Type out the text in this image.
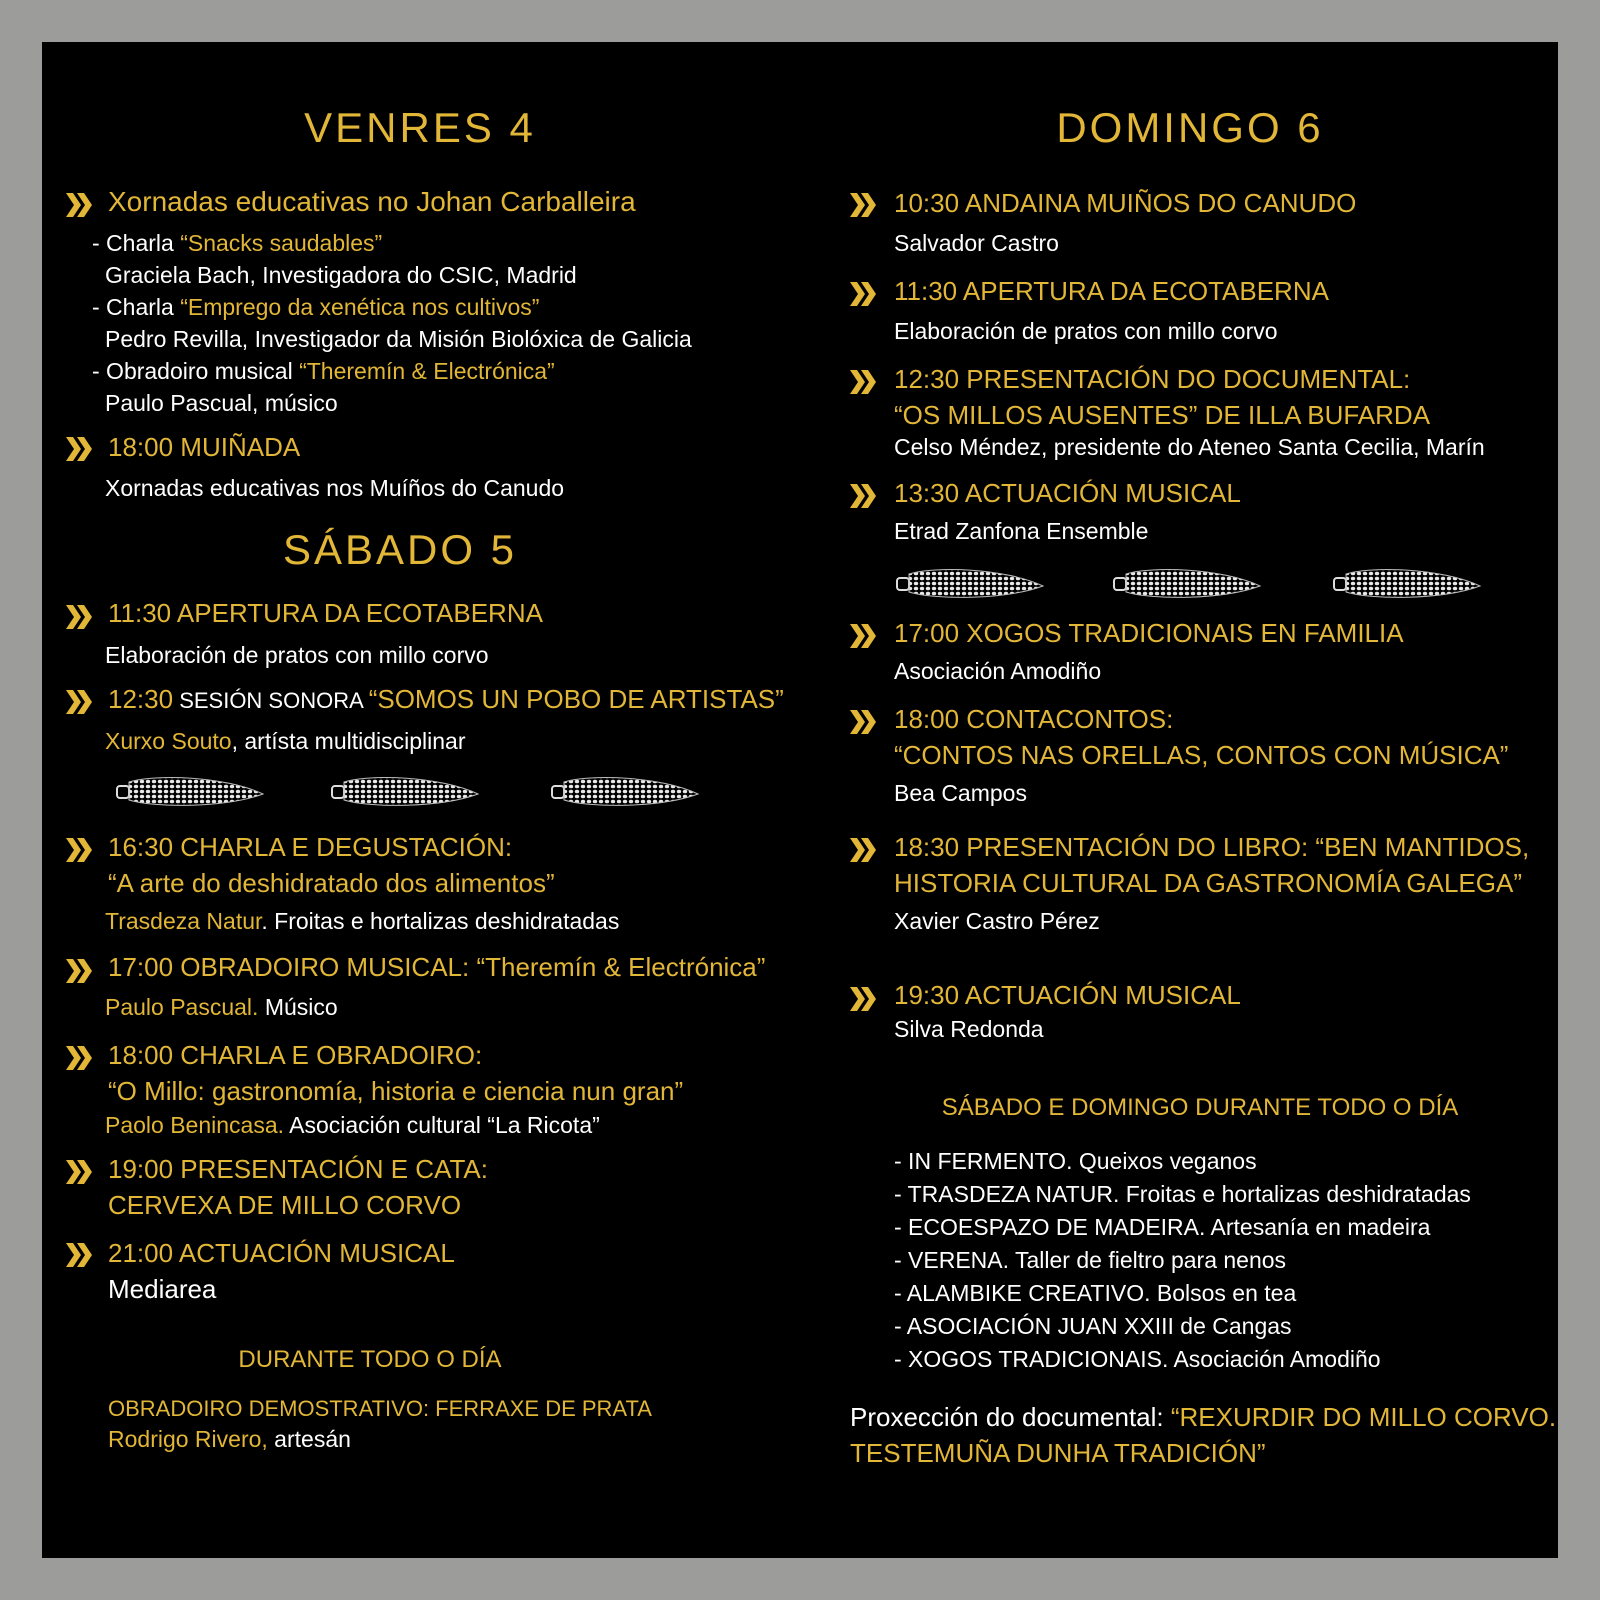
VENRES 4
Xornadas educativas no Johan Carballeira
- Charla “Snacks saudables”
Graciela Bach, Investigadora do CSIC, Madrid
- Charla “Emprego da xenética nos cultivos”
Pedro Revilla, Investigador da Misión Biolóxica de Galicia
- Obradoiro musical “Theremín & Electrónica”
Paulo Pascual, músico
18:00 MUIÑADA
Xornadas educativas nos Muíños do Canudo
SÁBADO 5
11:30 APERTURA DA ECOTABERNA
Elaboración de pratos con millo corvo
12:30 SESIÓN SONORA “SOMOS UN POBO DE ARTISTAS”
Xurxo Souto, artísta multidisciplinar
16:30 CHARLA E DEGUSTACIÓN:
“A arte do deshidratado dos alimentos”
Trasdeza Natur. Froitas e hortalizas deshidratadas
17:00 OBRADOIRO MUSICAL: “Theremín & Electrónica”
Paulo Pascual. Músico
18:00 CHARLA E OBRADOIRO:
“O Millo: gastronomía, historia e ciencia nun gran”
Paolo Benincasa. Asociación cultural “La Ricota”
19:00 PRESENTACIÓN E CATA:
CERVEXA DE MILLO CORVO
21:00 ACTUACIÓN MUSICAL
Mediarea
DURANTE TODO O DÍA
OBRADOIRO DEMOSTRATIVO: FERRAXE DE PRATA
Rodrigo Rivero, artesán
DOMINGO 6
10:30 ANDAINA MUIÑOS DO CANUDO
Salvador Castro
11:30 APERTURA DA ECOTABERNA
Elaboración de pratos con millo corvo
12:30 PRESENTACIÓN DO DOCUMENTAL:
“OS MILLOS AUSENTES” DE ILLA BUFARDA
Celso Méndez, presidente do Ateneo Santa Cecilia, Marín
13:30 ACTUACIÓN MUSICAL
Etrad Zanfona Ensemble
17:00 XOGOS TRADICIONAIS EN FAMILIA
Asociación Amodiño
18:00 CONTACONTOS:
“CONTOS NAS ORELLAS, CONTOS CON MÚSICA”
Bea Campos
18:30 PRESENTACIÓN DO LIBRO: “BEN MANTIDOS,
HISTORIA CULTURAL DA GASTRONOMÍA GALEGA”
Xavier Castro Pérez
19:30 ACTUACIÓN MUSICAL
Silva Redonda
SÁBADO E DOMINGO DURANTE TODO O DÍA
- IN FERMENTO. Queixos veganos
- TRASDEZA NATUR. Froitas e hortalizas deshidratadas
- ECOESPAZO DE MADEIRA. Artesanía en madeira
- VERENA. Taller de fieltro para nenos
- ALAMBIKE CREATIVO. Bolsos en tea
- ASOCIACIÓN JUAN XXIII de Cangas
- XOGOS TRADICIONAIS. Asociación Amodiño
Proxección do documental: “REXURDIR DO MILLO CORVO.
TESTEMUÑA DUNHA TRADICIÓN”
